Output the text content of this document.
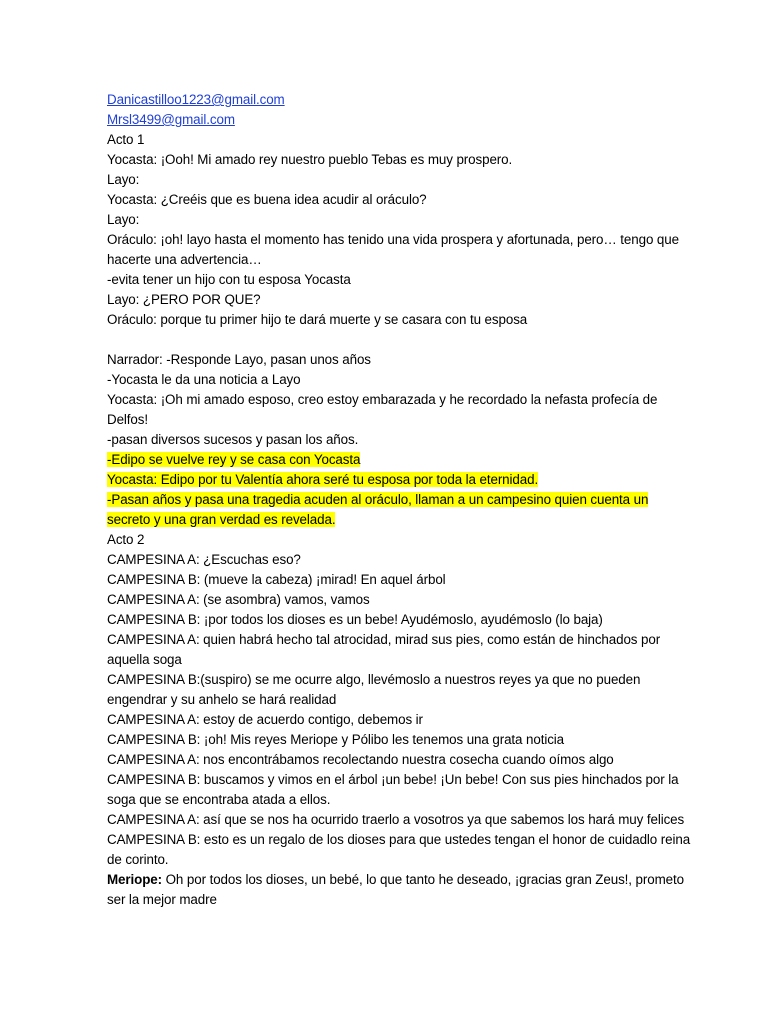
Danicastilloo1223@gmail.com
Mrsl3499@gmail.com
Acto 1
Yocasta: ¡Ooh! Mi amado rey nuestro pueblo Tebas es muy prospero.
Layo:
Yocasta: ¿Creéis que es buena idea acudir al oráculo?
Layo:
Oráculo: ¡oh! layo hasta el momento has tenido una vida prospera y afortunada, pero… tengo que
hacerte una advertencia…
-evita tener un hijo con tu esposa Yocasta
Layo: ¿PERO POR QUE?
Oráculo: porque tu primer hijo te dará muerte y se casara con tu esposa
Narrador: -Responde Layo, pasan unos años
-Yocasta le da una noticia a Layo
Yocasta: ¡Oh mi amado esposo, creo estoy embarazada y he recordado la nefasta profecía de
Delfos!
-pasan diversos sucesos y pasan los años.
-Edipo se vuelve rey y se casa con Yocasta
Yocasta: Edipo por tu Valentía ahora seré tu esposa por toda la eternidad.
-Pasan años y pasa una tragedia acuden al oráculo, llaman a un campesino quien cuenta un
secreto y una gran verdad es revelada.
Acto 2
CAMPESINA A: ¿Escuchas eso?
CAMPESINA B: (mueve la cabeza) ¡mirad! En aquel árbol
CAMPESINA A: (se asombra) vamos, vamos
CAMPESINA B: ¡por todos los dioses es un bebe! Ayudémoslo, ayudémoslo (lo baja)
CAMPESINA A: quien habrá hecho tal atrocidad, mirad sus pies, como están de hinchados por
aquella soga
CAMPESINA B:(suspiro) se me ocurre algo, llevémoslo a nuestros reyes ya que no pueden
engendrar y su anhelo se hará realidad
CAMPESINA A: estoy de acuerdo contigo, debemos ir
CAMPESINA B: ¡oh! Mis reyes Meriope y Pólibo les tenemos una grata noticia
CAMPESINA A: nos encontrábamos recolectando nuestra cosecha cuando oímos algo
CAMPESINA B: buscamos y vimos en el árbol ¡un bebe! ¡Un bebe! Con sus pies hinchados por la
soga que se encontraba atada a ellos.
CAMPESINA A: así que se nos ha ocurrido traerlo a vosotros ya que sabemos los hará muy felices
CAMPESINA B: esto es un regalo de los dioses para que ustedes tengan el honor de cuidadlo reina
de corinto.
Meriope: Oh por todos los dioses, un bebé, lo que tanto he deseado, ¡gracias gran Zeus!, prometo
ser la mejor madre
